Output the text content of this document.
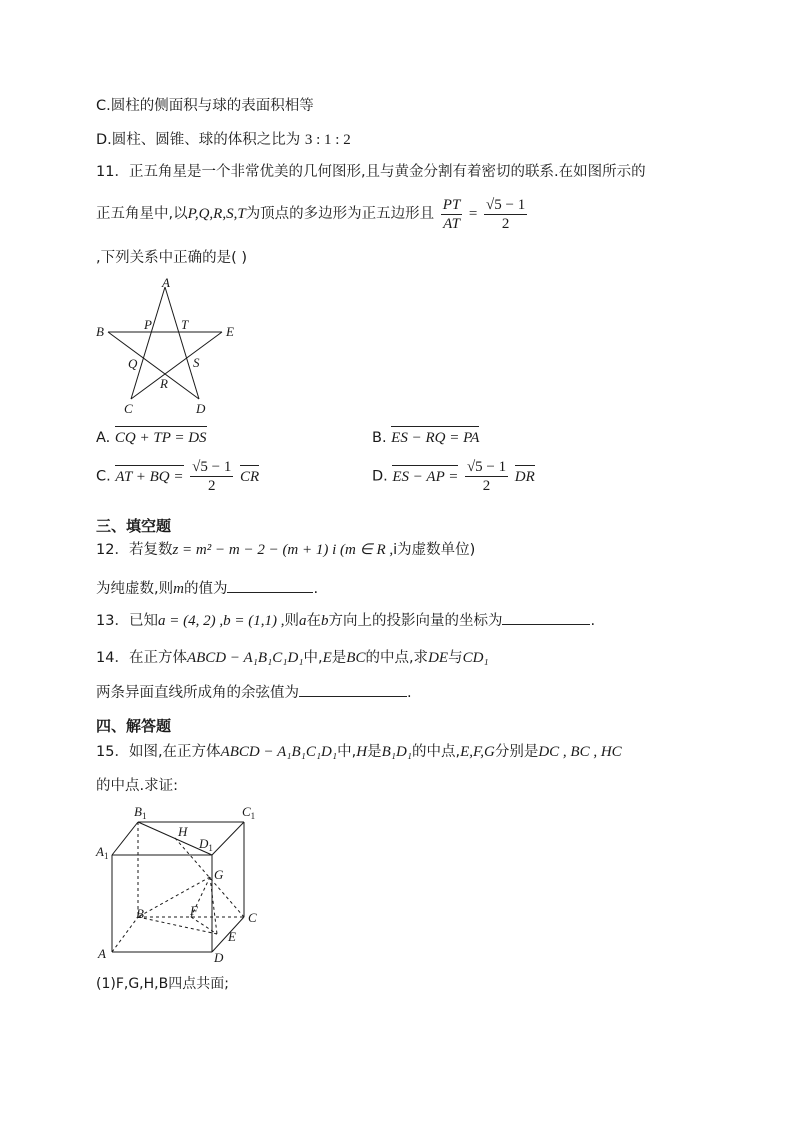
C.圆柱的侧面积与球的表面积相等
D.圆柱、圆锥、球的体积之比为 3 : 1 : 2
11．正五角星是一个非常优美的几何图形,且与黄金分割有着密切的联系.在如图所示的
正五角星中,以P,Q,R,S,T为顶点的多边形为正五边形且 $\frac{PT}{AT} = \frac{√5 - 1}{2}$
,下列关系中正确的是( )
A
B	E
C	D
P T
Q	S
R
A. CQ + TP = DS	B. ES − RQ = PA
C. AT + BQ = $\frac{√5 - 1}{2}$ CR	D. ES − AP = $\frac{√5 - 1}{2}$ DR
三、填空题
12．若复数z = m² − m − 2 − (m + 1) i (m ∈ R ,i为虚数单位)
为纯虚数,则m的值为	.
13．已知a = (4, 2) ,b = (1,1) ,则a在b方向上的投影向量的坐标为	.
14．在正方体ABCD − A₁B₁C₁D₁中,E是BC的中点,求DE与CD₁
两条异面直线所成角的余弦值为	.
四、解答题
15．如图,在正方体ABCD − A₁B₁C₁D₁中,H是B₁D₁的中点,E,F,G分别是DC , BC , HC
的中点.求证:
$B_1$	$C_1$
$A_1$
$D_1$
H
G
F
B	C
E
D
A
(1)F,G,H,B四点共面;
